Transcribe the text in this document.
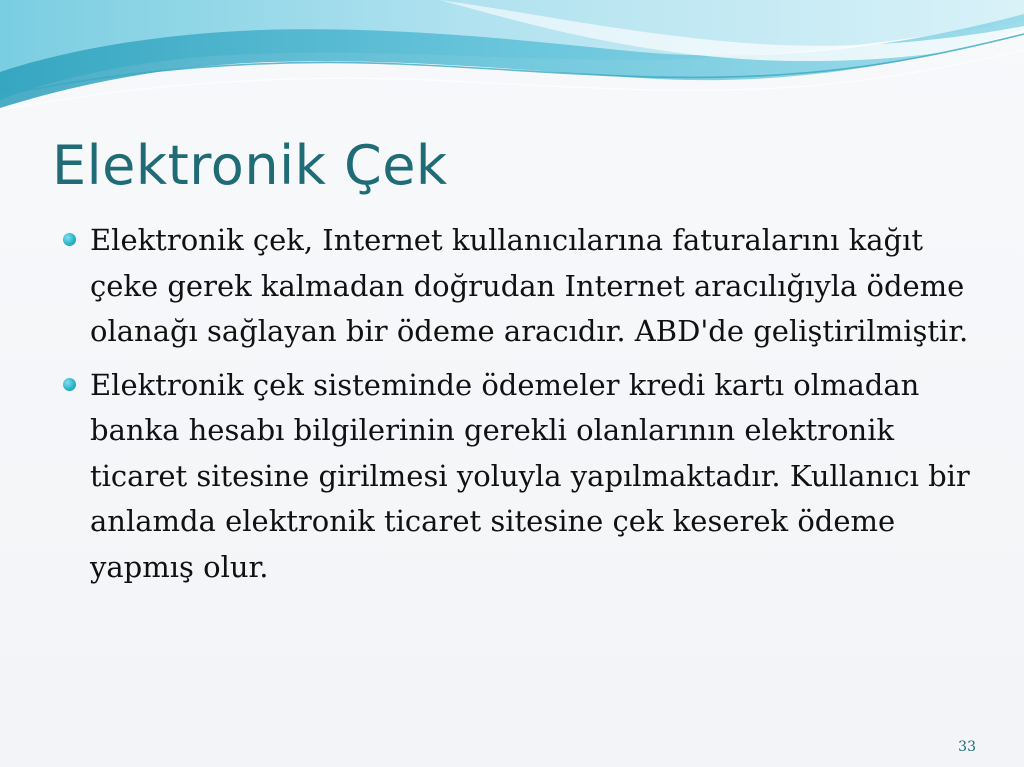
Elektronik Çek
Elektronik çek, Internet kullanıcılarına faturalarını kağıt çeke gerek kalmadan doğrudan Internet aracılığıyla ödeme olanağı sağlayan bir ödeme aracıdır. ABD'de geliştirilmiştir.
Elektronik çek sisteminde ödemeler kredi kartı olmadan banka hesabı bilgilerinin gerekli olanlarının elektronik ticaret sitesine girilmesi yoluyla yapılmaktadır. Kullanıcı bir anlamda elektronik ticaret sitesine çek keserek ödeme yapmış olur.
33
